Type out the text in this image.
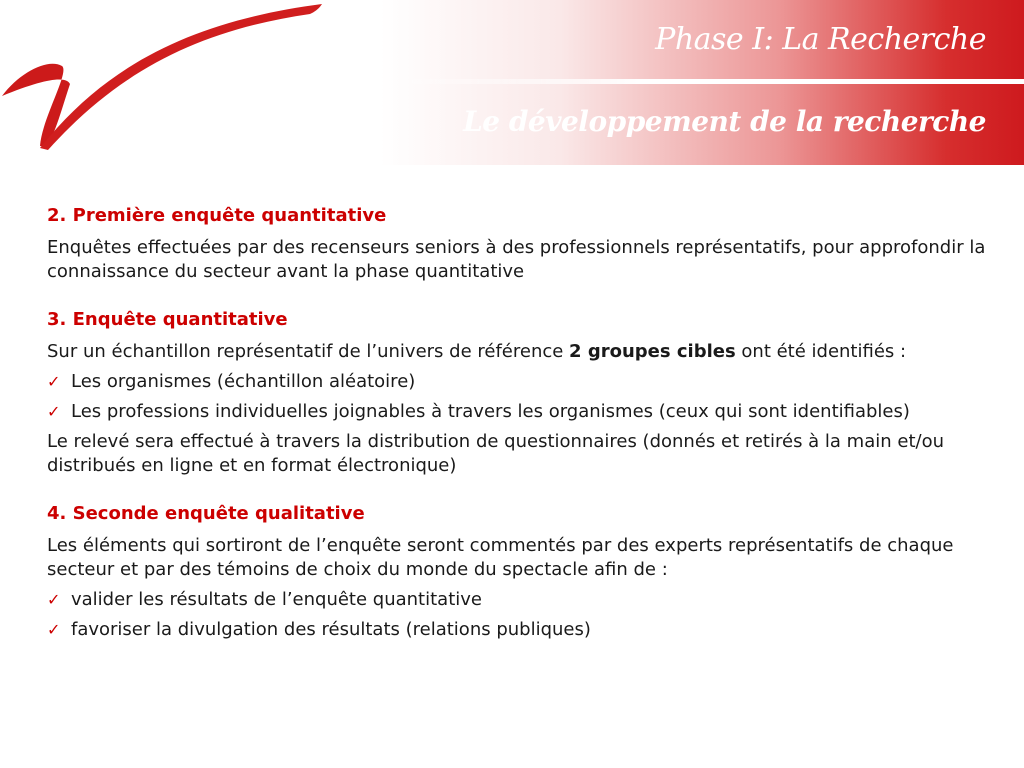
Phase I: La Recherche
Le développement de la recherche

2. Première enquête quantitative

Enquêtes effectuées par des recenseurs seniors à des professionnels représentatifs, pour approfondir la connaissance du secteur avant la phase quantitative

3. Enquête quantitative

Sur un échantillon représentatif de l’univers de référence 2 groupes cibles ont été identifiés :

✓ Les organismes (échantillon aléatoire)
✓ Les professions individuelles joignables à travers les organismes (ceux qui sont identifiables)

Le relevé sera effectué à travers la distribution de questionnaires (donnés et retirés à la main et/ou distribués en ligne et en format électronique)

4. Seconde enquête qualitative

Les éléments qui sortiront de l’enquête seront commentés par des experts représentatifs de chaque secteur et par des témoins de choix du monde du spectacle afin de :

✓ valider les résultats de l’enquête quantitative
✓ favoriser la divulgation des résultats (relations publiques)
